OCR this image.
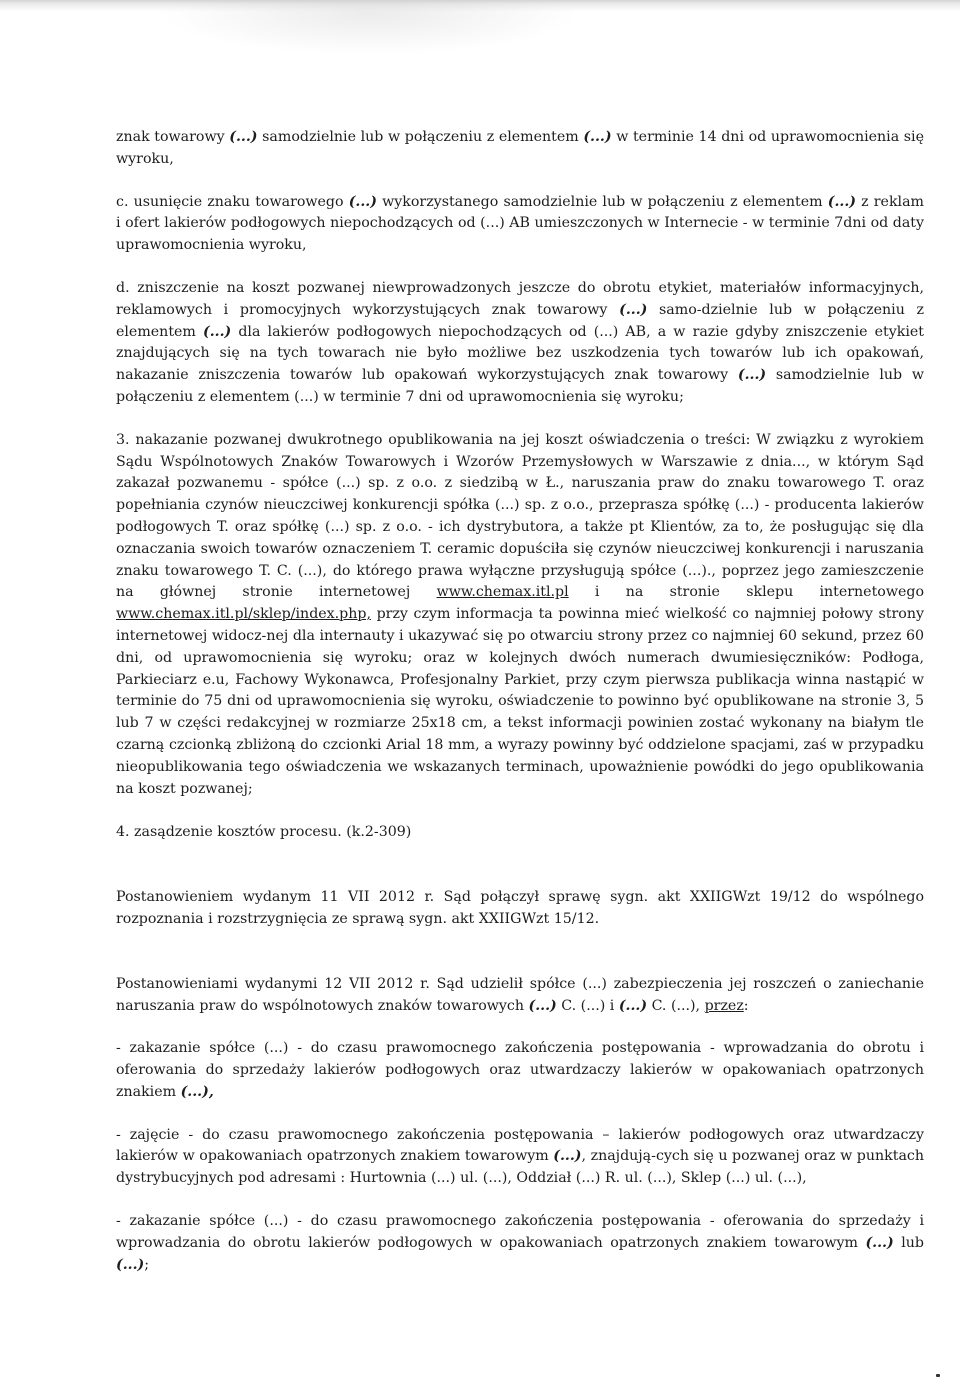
znak towarowy (...) samodzielnie lub w połączeniu z elementem (...) w terminie 14 dni od uprawomocnienia się wyroku,

c. usunięcie znaku towarowego (...) wykorzystanego samodzielnie lub w połączeniu z elementem (...) z reklam i ofert lakierów podłogowych niepochodzących od (...) AB umieszczonych w Internecie - w terminie 7dni od daty uprawomocnienia wyroku,

d. zniszczenie na koszt pozwanej niewprowadzonych jeszcze do obrotu etykiet, materiałów informacyjnych, reklamowych i promocyjnych wykorzystujących znak towarowy (...) samo-dzielnie lub w połączeniu z elementem (...) dla lakierów podłogowych niepochodzących od (...) AB, a w razie gdyby zniszczenie etykiet znajdujących się na tych towarach nie było możliwe bez uszkodzenia tych towarów lub ich opakowań, nakazanie zniszczenia towarów lub opakowań wykorzystujących znak towarowy (...) samodzielnie lub w połączeniu z elementem (...) w terminie 7 dni od uprawomocnienia się wyroku;

3. nakazanie pozwanej dwukrotnego opublikowania na jej koszt oświadczenia o treści: W związku z wyrokiem Sądu Wspólnotowych Znaków Towarowych i Wzorów Przemysłowych w Warszawie z dnia..., w którym Sąd zakazał pozwanemu - spółce (...) sp. z o.o. z siedzibą w Ł., naruszania praw do znaku towarowego T. oraz popełniania czynów nieuczciwej konkurencji spółka (...) sp. z o.o., przeprasza spółkę (...) - producenta lakierów podłogowych T. oraz spółkę (...) sp. z o.o. - ich dystrybutora, a także pt Klientów, za to, że posługując się dla oznaczania swoich towarów oznaczeniem T. ceramic dopuściła się czynów nieuczciwej konkurencji i naruszania znaku towarowego T. C. (...), do którego prawa wyłączne przysługują spółce (...)., poprzez jego zamieszczenie na głównej stronie internetowej www.chemax.itl.pl i na stronie sklepu internetowego www.chemax.itl.pl/sklep/index.php, przy czym informacja ta powinna mieć wielkość co najmniej połowy strony internetowej widocz-nej dla internauty i ukazywać się po otwarciu strony przez co najmniej 60 sekund, przez 60 dni, od uprawomocnienia się wyroku; oraz w kolejnych dwóch numerach dwumiesięczników: Podłoga, Parkieciarz e.u, Fachowy Wykonawca, Profesjonalny Parkiet, przy czym pierwsza publikacja winna nastąpić w terminie do 75 dni od uprawomocnienia się wyroku, oświadczenie to powinno być opublikowane na stronie 3, 5 lub 7 w części redakcyjnej w rozmiarze 25x18 cm, a tekst informacji powinien zostać wykonany na białym tle czarną czcionką zbliżoną do czcionki Arial 18 mm, a wyrazy powinny być oddzielone spacjami, zaś w przypadku nieopublikowania tego oświadczenia we wskazanych terminach, upoważnienie powódki do jego opublikowania na koszt pozwanej;

4. zasądzenie kosztów procesu. (k.2-309)

Postanowieniem wydanym 11 VII 2012 r. Sąd połączył sprawę sygn. akt XXIIGWzt 19/12 do wspólnego rozpoznania i rozstrzygnięcia ze sprawą sygn. akt XXIIGWzt 15/12.

Postanowieniami wydanymi 12 VII 2012 r. Sąd udzielił spółce (...) zabezpieczenia jej roszczeń o zaniechanie naruszania praw do wspólnotowych znaków towarowych (...) C. (...) i (...) C. (...), przez:

- zakazanie spółce (...) - do czasu prawomocnego zakończenia postępowania - wprowadzania do obrotu i oferowania do sprzedaży lakierów podłogowych oraz utwardzaczy lakierów w opakowaniach opatrzonych znakiem (...),

- zajęcie - do czasu prawomocnego zakończenia postępowania – lakierów podłogowych oraz utwardzaczy lakierów w opakowaniach opatrzonych znakiem towarowym (...), znajdują-cych się u pozwanej oraz w punktach dystrybucyjnych pod adresami : Hurtownia (...) ul. (...), Oddział (...) R. ul. (...), Sklep (...) ul. (...),

- zakazanie spółce (...) - do czasu prawomocnego zakończenia postępowania - oferowania do sprzedaży i wprowadzania do obrotu lakierów podłogowych w opakowaniach opatrzonych znakiem towarowym (...) lub (...);
